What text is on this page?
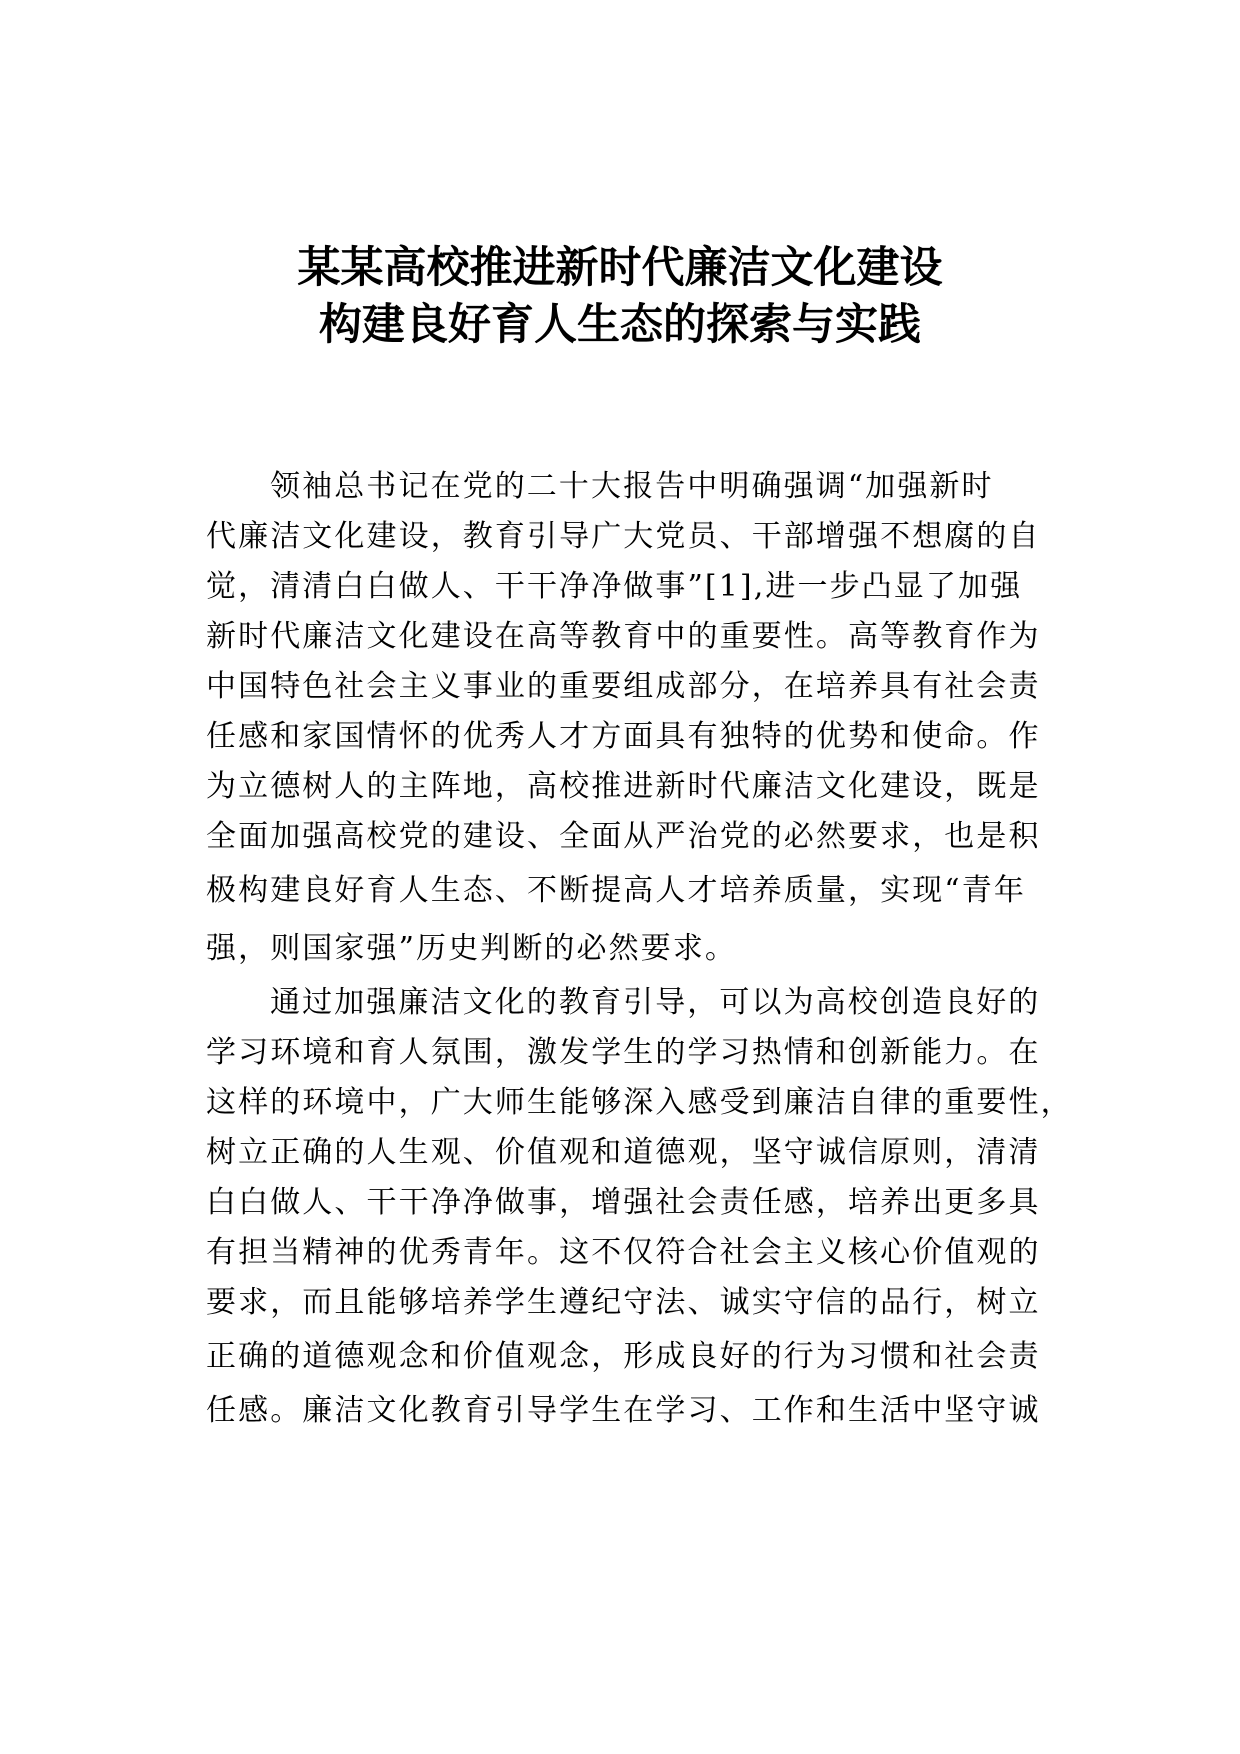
某某高校推进新时代廉洁文化建设
构建良好育人生态的探索与实践
领袖总书记在党的二十大报告中明确强调“加强新时
代廉洁文化建设，教育引导广大党员、干部增强不想腐的自
觉，清清白白做人、干干净净做事”[1],进一步凸显了加强
新时代廉洁文化建设在高等教育中的重要性。高等教育作为
中国特色社会主义事业的重要组成部分，在培养具有社会责
任感和家国情怀的优秀人才方面具有独特的优势和使命。作
为立德树人的主阵地，高校推进新时代廉洁文化建设，既是
全面加强高校党的建设、全面从严治党的必然要求，也是积
极构建良好育人生态、不断提高人才培养质量，实现“青年
强，则国家强”历史判断的必然要求。
通过加强廉洁文化的教育引导，可以为高校创造良好的
学习环境和育人氛围，激发学生的学习热情和创新能力。在
这样的环境中，广大师生能够深入感受到廉洁自律的重要性，
树立正确的人生观、价值观和道德观，坚守诚信原则，清清
白白做人、干干净净做事，增强社会责任感，培养出更多具
有担当精神的优秀青年。这不仅符合社会主义核心价值观的
要求，而且能够培养学生遵纪守法、诚实守信的品行，树立
正确的道德观念和价值观念，形成良好的行为习惯和社会责
任感。廉洁文化教育引导学生在学习、工作和生活中坚守诚
